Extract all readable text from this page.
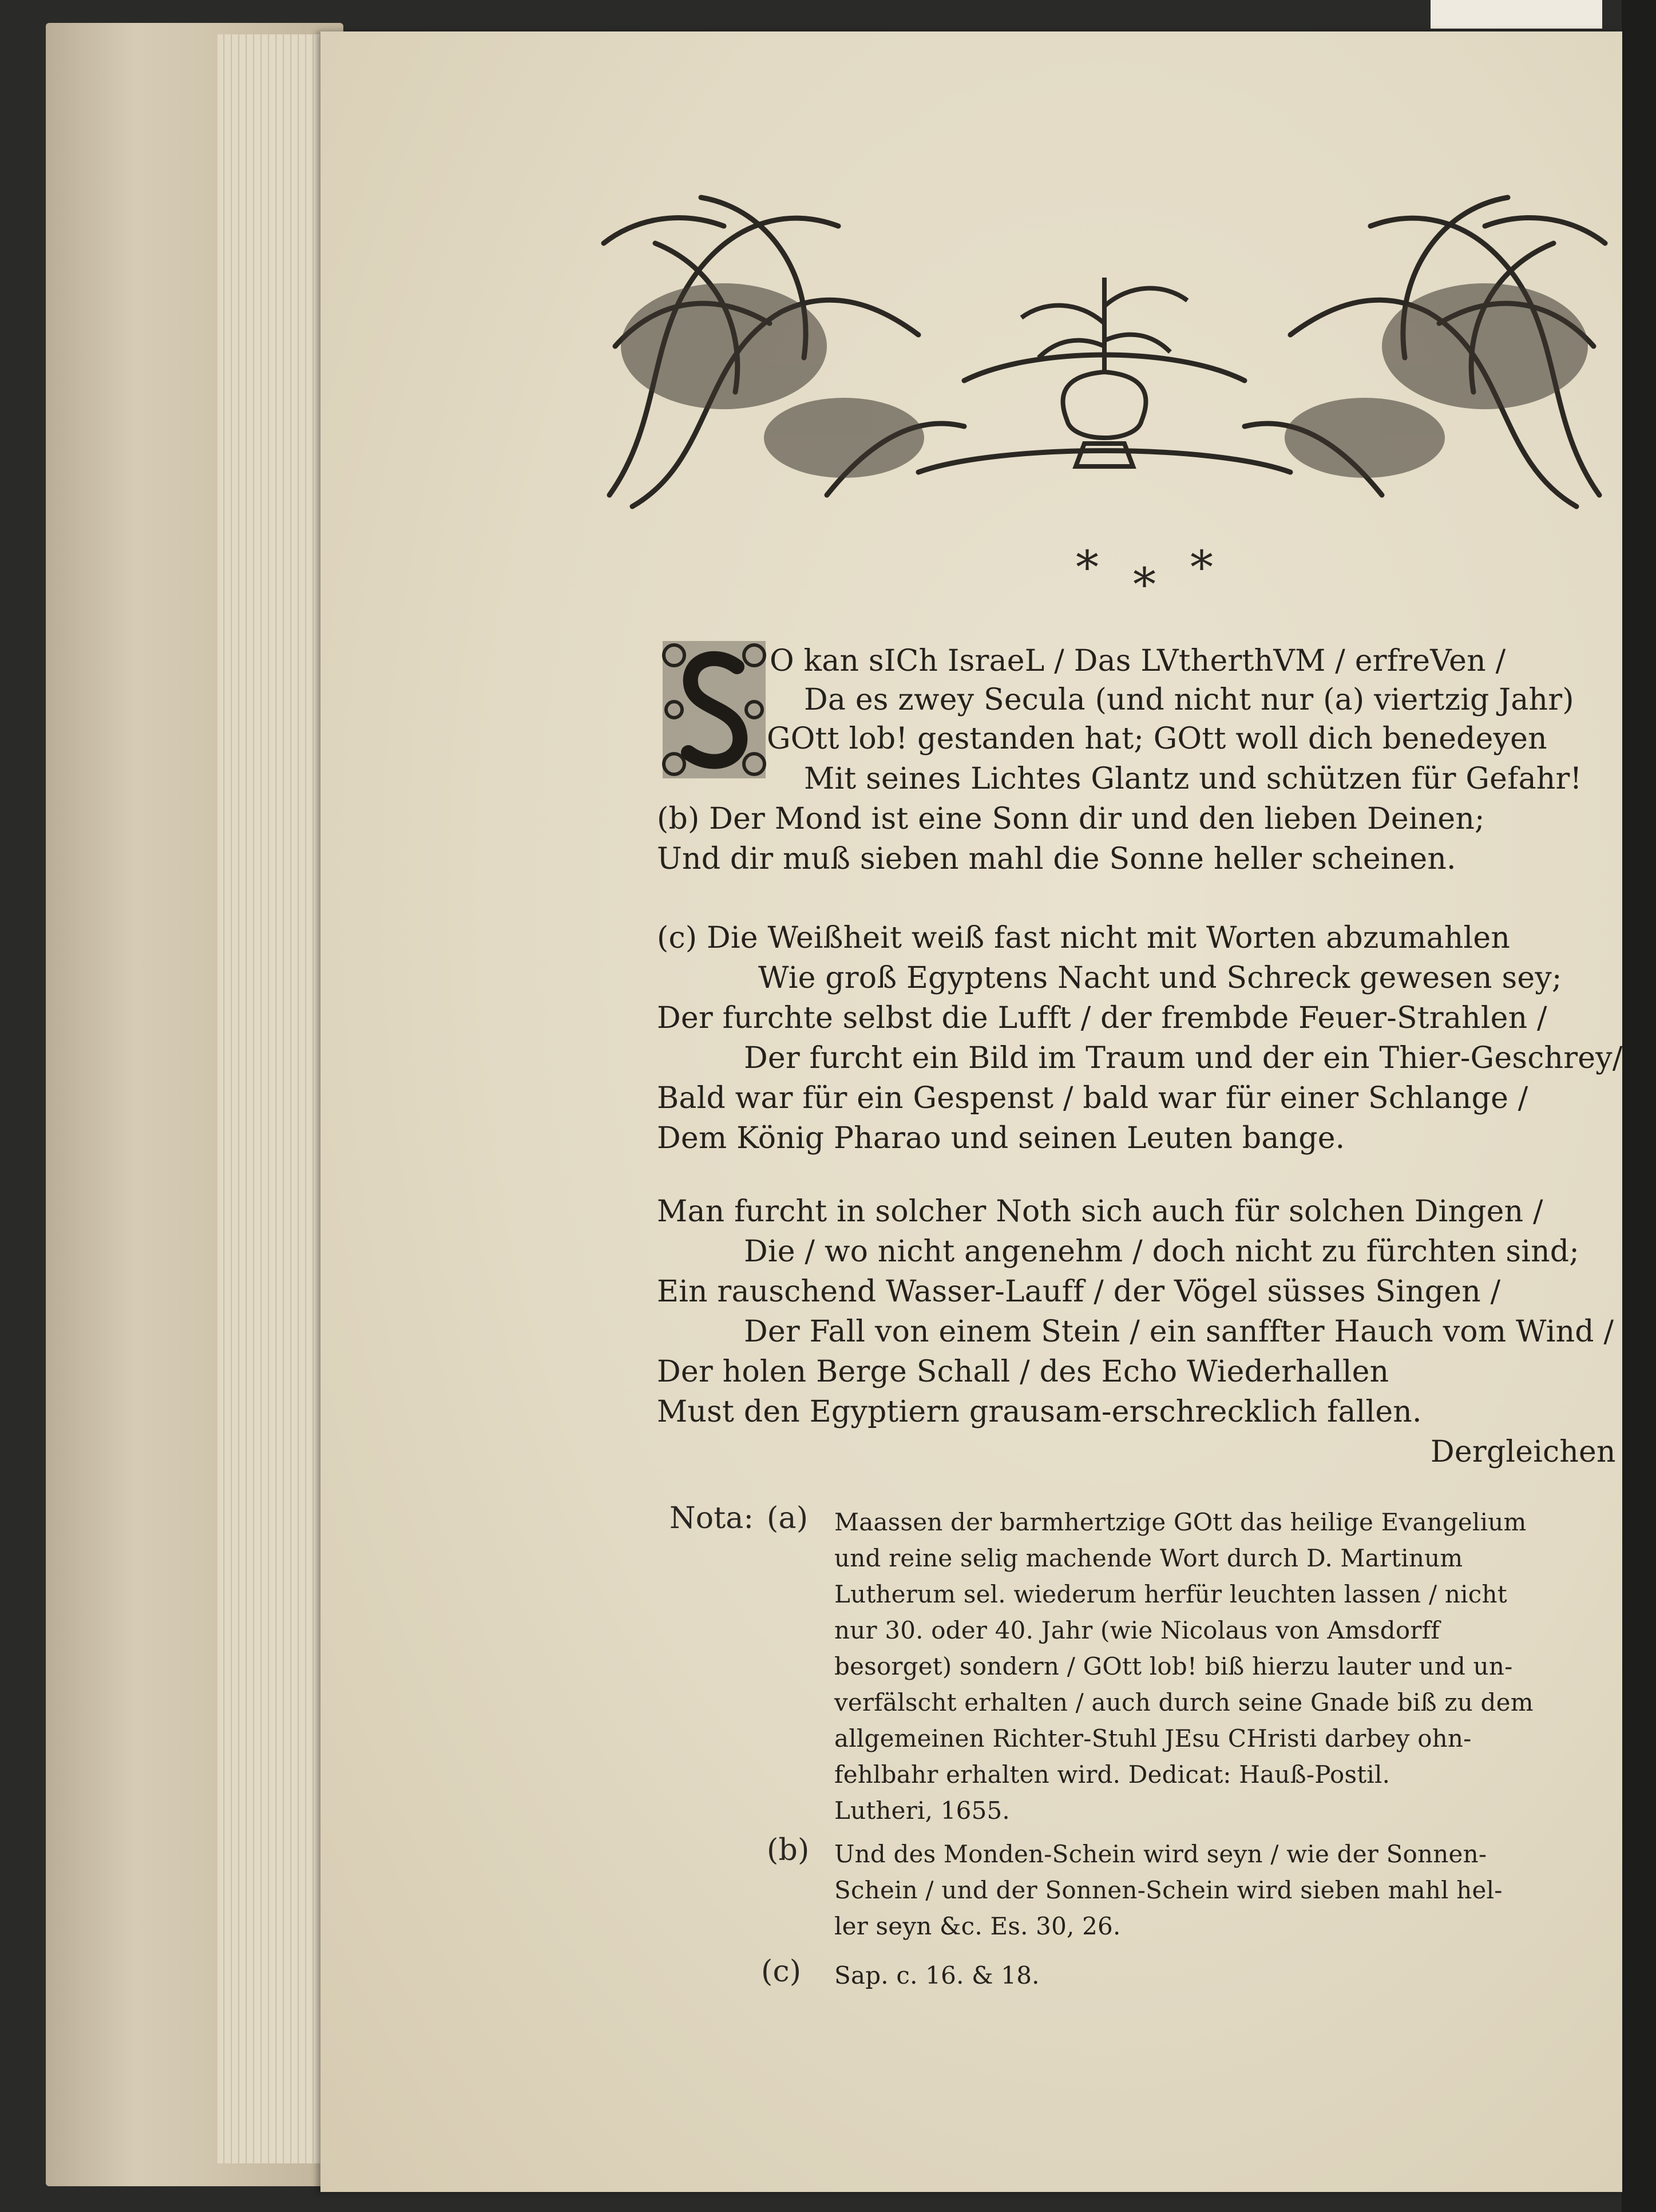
* * *
O kan sICh IsraeL / Das LVtherthVM / erfreVen /
Da es zwey Secula (und nicht nur (a) viertzig Jahr)
GOtt lob! gestanden hat; GOtt woll dich benedeyen
Mit seines Lichtes Glantz und schützen für Gefahr!
(b) Der Mond ist eine Sonn dir und den lieben Deinen;
Und dir muß sieben mahl die Sonne heller scheinen.
(c) Die Weißheit weiß fast nicht mit Worten abzumahlen
Wie groß Egyptens Nacht und Schreck gewesen sey;
Der furchte selbst die Lufft / der frembde Feuer-Strahlen /
Der furcht ein Bild im Traum und der ein Thier-Geschrey/
Bald war für ein Gespenst / bald war für einer Schlange /
Dem König Pharao und seinen Leuten bange.
Man furcht in solcher Noth sich auch für solchen Dingen /
Die / wo nicht angenehm / doch nicht zu fürchten sind;
Ein rauschend Wasser-Lauff / der Vögel süsses Singen /
Der Fall von einem Stein / ein sanffter Hauch vom Wind /
Der holen Berge Schall / des Echo Wiederhallen
Must den Egyptiern grausam-erschrecklich fallen.
Dergleichen
Nota: (a) Maassen der barmhertzige GOtt das heilige Evangelium
und reine selig machende Wort durch D. Martinum
Lutherum sel. wiederum herfür leuchten lassen / nicht
nur 30. oder 40. Jahr (wie Nicolaus von Amsdorff
besorget) sondern / GOtt lob! biß hierzu lauter und un-
verfälscht erhalten / auch durch seine Gnade biß zu dem
allgemeinen Richter-Stuhl JEsu CHristi darbey ohn-
fehlbahr erhalten wird. Dedicat: Hauß-Postil.
Lutheri, 1655.
(b) Und des Monden-Schein wird seyn / wie der Sonnen-
Schein / und der Sonnen-Schein wird sieben mahl hel-
ler seyn &c. Es. 30, 26.
(c) Sap. c. 16. & 18.
